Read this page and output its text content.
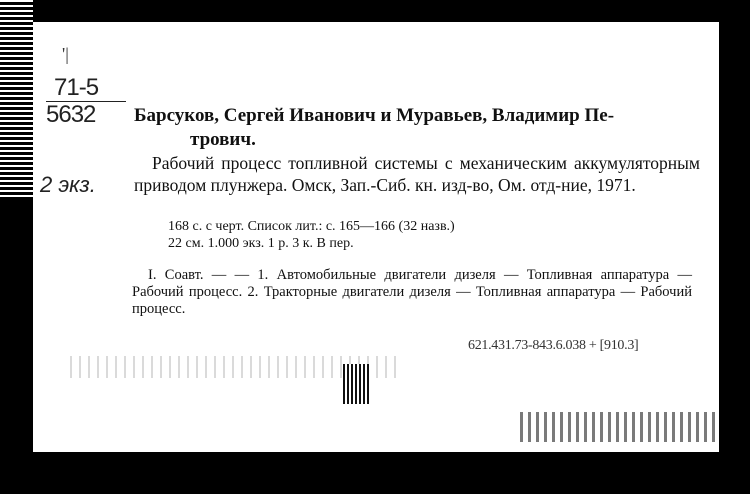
'|
71-5
5632
2 экз.
Барсуков, Сергей Иванович и Муравьев, Владимир Пе-
трович.
Рабочий процесс топливной системы с механическим аккумуляторным приводом плунжера. Омск, Зап.-Сиб. кн. изд-во, Ом. отд-ние, 1971.
168 с. с черт. Список лит.: с. 165—166 (32 назв.)
22 см. 1.000 экз. 1 р. 3 к. В пер.
I. Соавт. — — 1. Автомобильные двигатели дизеля — Топливная аппаратура — Рабочий процесс. 2. Тракторные двигатели дизеля — Топливная аппаратура — Рабочий процесс.
621.431.73-843.6.038 + [910.3]
